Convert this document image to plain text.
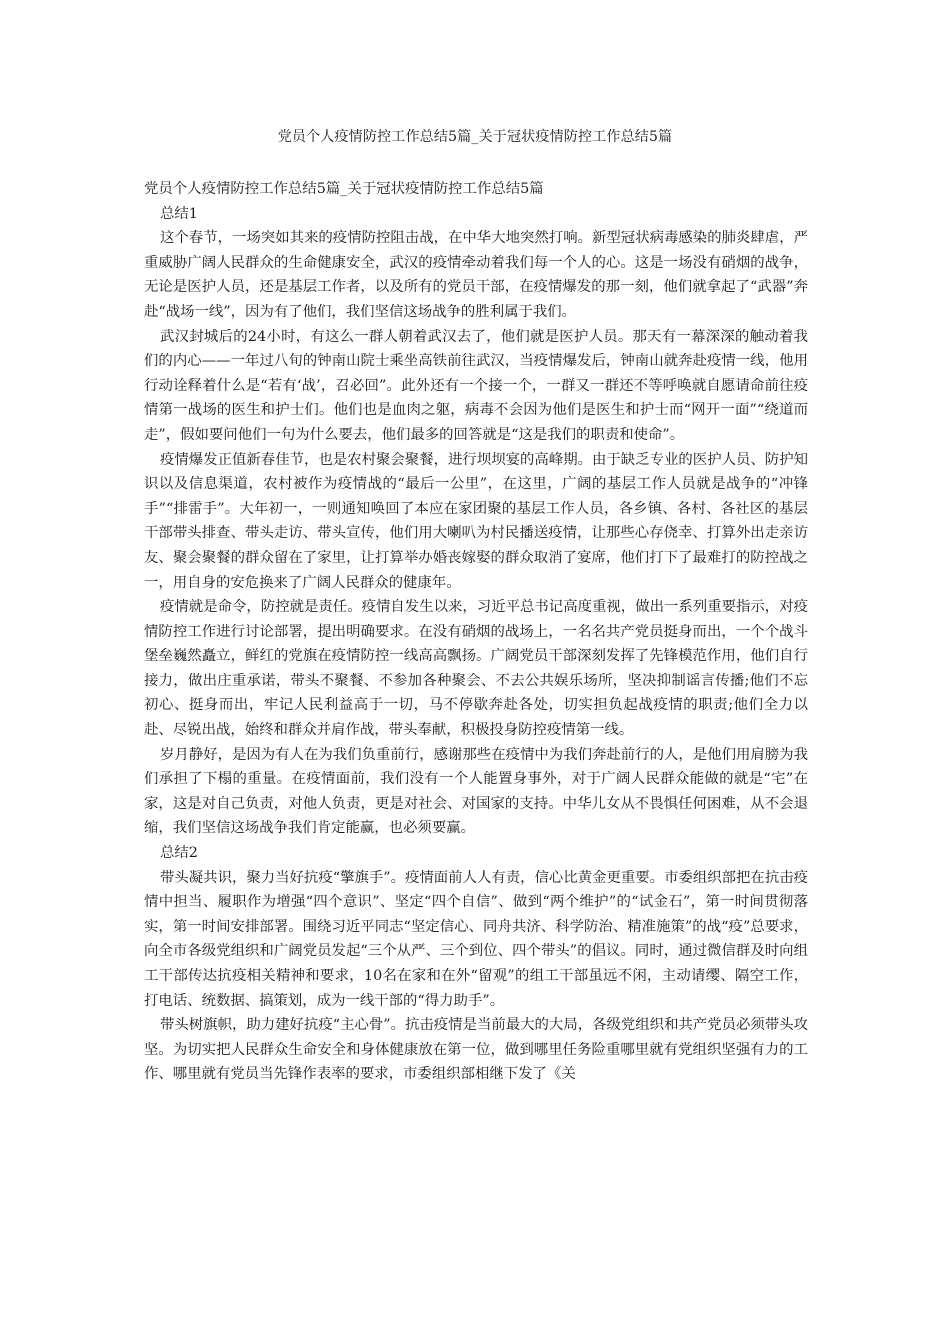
党员个人疫情防控工作总结5篇_关于冠状疫情防控工作总结5篇

党员个人疫情防控工作总结5篇_关于冠状疫情防控工作总结5篇

总结1

这个春节，一场突如其来的疫情防控阻击战，在中华大地突然打响。新型冠状病毒感染的肺炎肆虐，严重威胁广阔人民群众的生命健康安全，武汉的疫情牵动着我们每一个人的心。这是一场没有硝烟的战争，无论是医护人员，还是基层工作者，以及所有的党员干部，在疫情爆发的那一刻，他们就拿起了“武器”奔赴“战场一线”，因为有了他们，我们坚信这场战争的胜利属于我们。

武汉封城后的24小时，有这么一群人朝着武汉去了，他们就是医护人员。那天有一幕深深的触动着我们的内心——一年过八旬的钟南山院士乘坐高铁前往武汉，当疫情爆发后，钟南山就奔赴疫情一线，他用行动诠释着什么是“若有‘战’，召必回”。此外还有一个接一个，一群又一群还不等呼唤就自愿请命前往疫情第一战场的医生和护士们。他们也是血肉之躯，病毒不会因为他们是医生和护士而“网开一面”“绕道而走”，假如要问他们一句为什么要去，他们最多的回答就是“这是我们的职责和使命”。

疫情爆发正值新春佳节，也是农村聚会聚餐，进行坝坝宴的高峰期。由于缺乏专业的医护人员、防护知识以及信息渠道，农村被作为疫情战的“最后一公里”，在这里，广阔的基层工作人员就是战争的“冲锋手”“排雷手”。大年初一，一则通知唤回了本应在家团聚的基层工作人员，各乡镇、各村、各社区的基层干部带头排查、带头走访、带头宣传，他们用大喇叭为村民播送疫情，让那些心存侥幸、打算外出走亲访友、聚会聚餐的群众留在了家里，让打算举办婚丧嫁娶的群众取消了宴席，他们打下了最难打的防控战之一，用自身的安危换来了广阔人民群众的健康年。

疫情就是命令，防控就是责任。疫情自发生以来，习近平总书记高度重视，做出一系列重要指示，对疫情防控工作进行讨论部署，提出明确要求。在没有硝烟的战场上，一名名共产党员挺身而出，一个个战斗堡垒巍然矗立，鲜红的党旗在疫情防控一线高高飘扬。广阔党员干部深刻发挥了先锋模范作用，他们自行接力，做出庄重承诺，带头不聚餐、不参加各种聚会、不去公共娱乐场所，坚决抑制谣言传播;他们不忘初心、挺身而出，牢记人民利益高于一切，马不停歇奔赴各处，切实担负起战疫情的职责;他们全力以赴、尽锐出战，始终和群众并肩作战，带头奉献，积极投身防控疫情第一线。

岁月静好，是因为有人在为我们负重前行，感谢那些在疫情中为我们奔赴前行的人，是他们用肩膀为我们承担了下榻的重量。在疫情面前，我们没有一个人能置身事外，对于广阔人民群众能做的就是“宅”在家，这是对自己负责，对他人负责，更是对社会、对国家的支持。中华儿女从不畏惧任何困难，从不会退缩，我们坚信这场战争我们肯定能赢，也必须要赢。

总结2

带头凝共识，聚力当好抗疫“擎旗手”。疫情面前人人有责，信心比黄金更重要。市委组织部把在抗击疫情中担当、履职作为增强“四个意识”、坚定“四个自信”、做到“两个维护”的“试金石”，第一时间贯彻落实，第一时间安排部署。围绕习近平同志“坚定信心、同舟共济、科学防治、精准施策”的战“疫”总要求，向全市各级党组织和广阔党员发起“三个从严、三个到位、四个带头”的倡议。同时，通过微信群及时向组工干部传达抗疫相关精神和要求，10名在家和在外“留观”的组工干部虽远不闲，主动请缨、隔空工作，打电话、统数据、搞策划，成为一线干部的“得力助手”。

带头树旗帜，助力建好抗疫“主心骨”。抗击疫情是当前最大的大局，各级党组织和共产党员必须带头攻坚。为切实把人民群众生命安全和身体健康放在第一位，做到哪里任务险重哪里就有党组织坚强有力的工作、哪里就有党员当先锋作表率的要求，市委组织部相继下发了《关
